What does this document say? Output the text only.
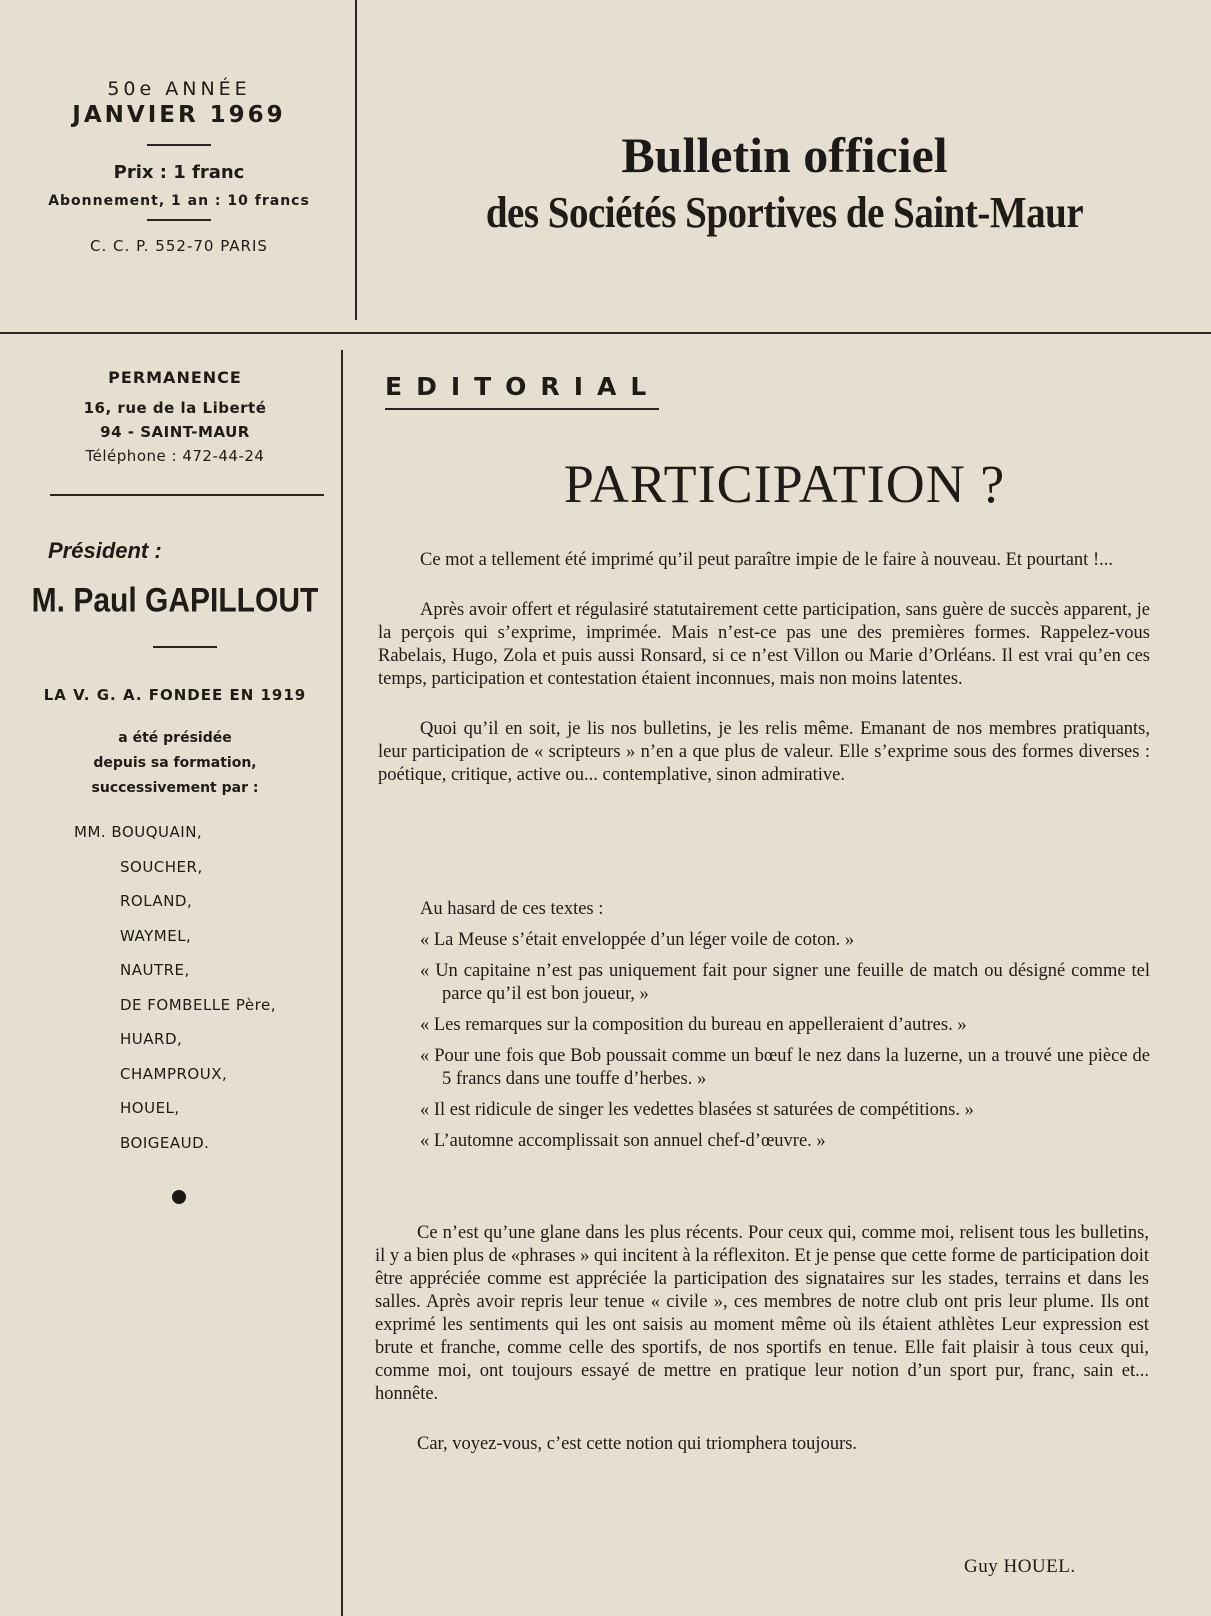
50e ANNÉE
JANVIER 1969
Prix : 1 franc
Abonnement, 1 an : 10 francs
C. C. P. 552-70 PARIS
Bulletin officiel
des Sociétés Sportives de Saint-Maur
PERMANENCE
16, rue de la Liberté
94 - SAINT-MAUR
Téléphone : 472-44-24
Président :
M. Paul GAPILLOUT
LA V. G. A. FONDEE EN 1919
a été présidée
depuis sa formation,
successivement par :
MM. BOUQUAIN,
SOUCHER,
ROLAND,
WAYMEL,
NAUTRE,
DE FOMBELLE Père,
HUARD,
CHAMPROUX,
HOUEL,
BOIGEAUD.
EDITORIAL
PARTICIPATION ?

Ce mot a tellement été imprimé qu’il peut paraître impie de le faire à nouveau. Et pourtant !...

Après avoir offert et régulasiré statutairement cette participation, sans guère de succès apparent, je la perçois qui s’exprime, imprimée. Mais n’est-ce pas une des premières formes. Rappelez-vous Rabelais, Hugo, Zola et puis aussi Ronsard, si ce n’est Villon ou Marie d’Orléans. Il est vrai qu’en ces temps, participation et contestation étaient inconnues, mais non moins latentes.

Quoi qu’il en soit, je lis nos bulletins, je les relis même. Emanant de nos membres pratiquants, leur participation de « scripteurs » n’en a que plus de valeur. Elle s’exprime sous des formes diverses : poétique, critique, active ou... contemplative, sinon admirative.

Au hasard de ces textes :
« La Meuse s’était enveloppée d’un léger voile de coton. »
« Un capitaine n’est pas uniquement fait pour signer une feuille de match ou désigné comme tel parce qu’il est bon joueur, »
« Les remarques sur la composition du bureau en appelleraient d’autres. »
« Pour une fois que Bob poussait comme un bœuf le nez dans la luzerne, un a trouvé une pièce de 5 francs dans une touffe d’herbes. »
« Il est ridicule de singer les vedettes blasées st saturées de compétitions. »
« L’automne accomplissait son annuel chef-d’œuvre. »

Ce n’est qu’une glane dans les plus récents. Pour ceux qui, comme moi, relisent tous les bulletins, il y a bien plus de «phrases » qui incitent à la réflexiton. Et je pense que cette forme de participation doit être appréciée comme est appréciée la participation des signataires sur les stades, terrains et dans les salles. Après avoir repris leur tenue « civile », ces membres de notre club ont pris leur plume. Ils ont exprimé les sentiments qui les ont saisis au moment même où ils étaient athlètes Leur expression est brute et franche, comme celle des sportifs, de nos sportifs en tenue. Elle fait plaisir à tous ceux qui, comme moi, ont toujours essayé de mettre en pratique leur notion d’un sport pur, franc, sain et... honnête.

Car, voyez-vous, c’est cette notion qui triomphera toujours.

Guy HOUEL.
